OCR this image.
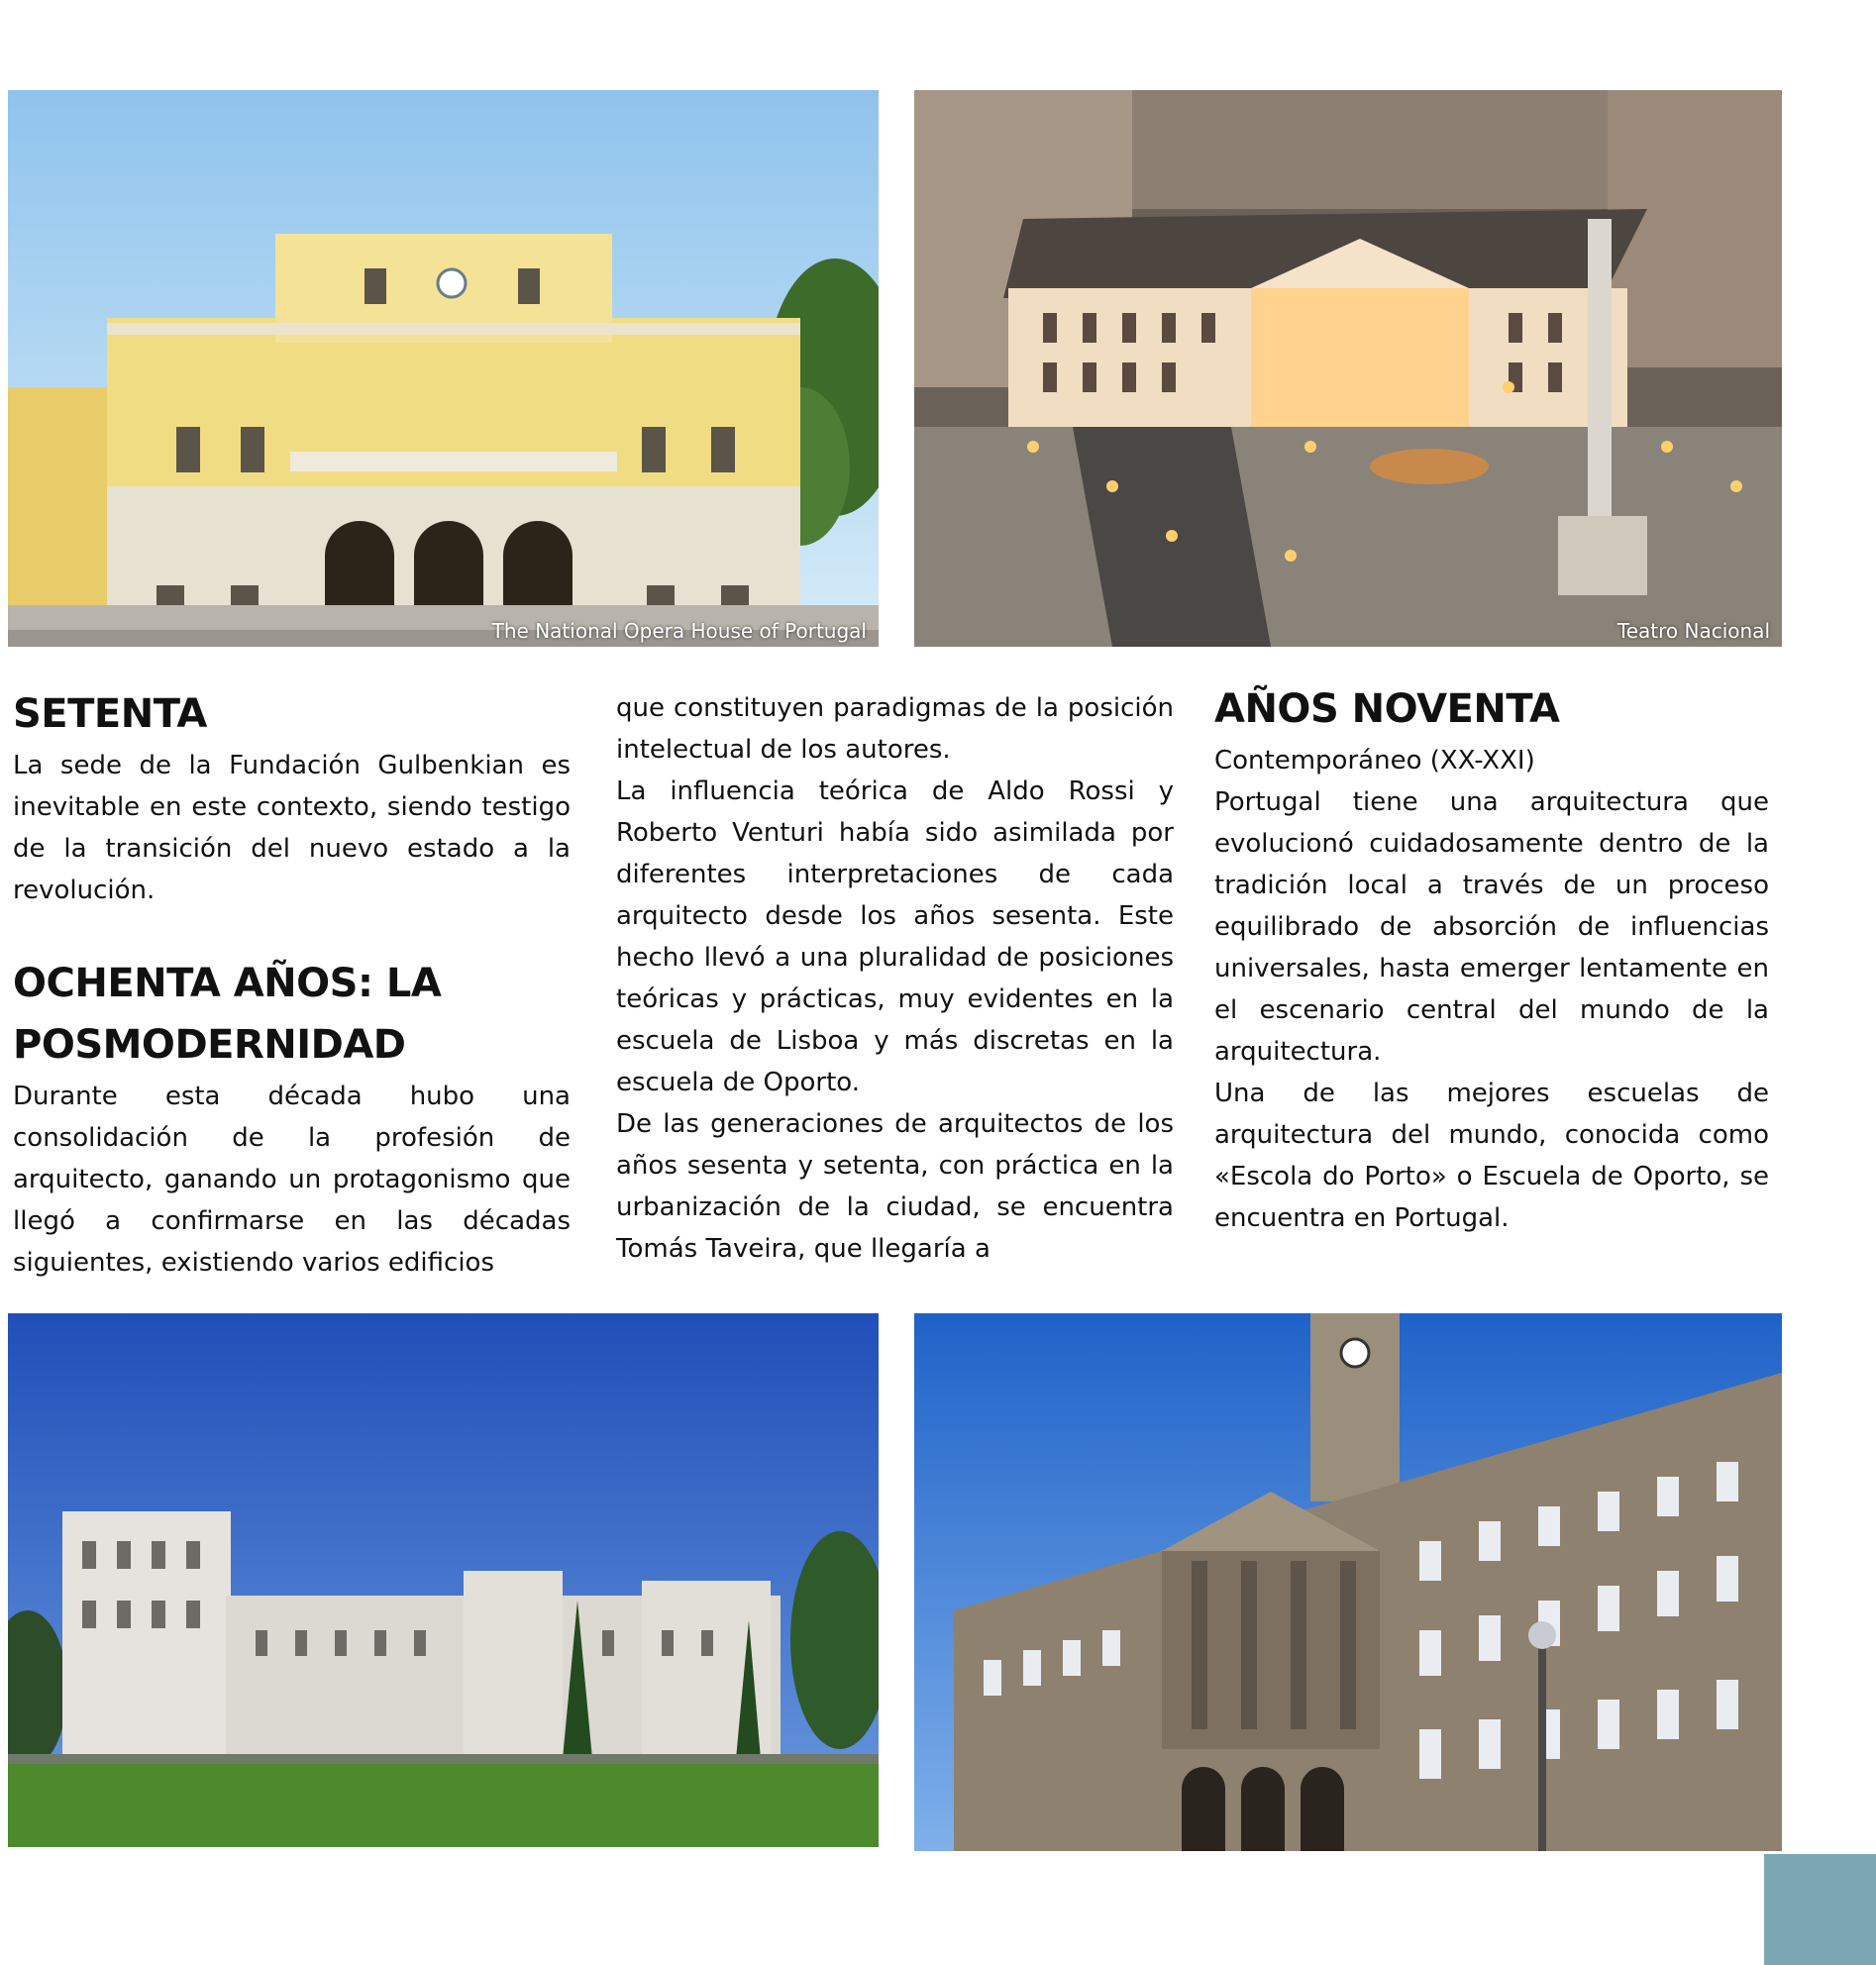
The National Opera House of Portugal	Teatro Nacional
SETENTA

La sede de la Fundación Gulbenkian es inevitable en este contexto, siendo testigo de la transición del nuevo estado a la revolución.

OCHENTA AÑOS: LA POSMODERNIDAD

Durante esta década hubo una consolidación de la profesión de arquitecto, ganando un protagonismo que llegó a confirmarse en las décadas siguientes, existiendo varios edificios

que constituyen paradigmas de la posición intelectual de los autores.

La influencia teórica de Aldo Rossi y Roberto Venturi había sido asimilada por diferentes interpretaciones de cada arquitecto desde los años sesenta. Este hecho llevó a una pluralidad de posiciones teóricas y prácticas, muy evidentes en la escuela de Lisboa y más discretas en la escuela de Oporto.

De las generaciones de arquitectos de los años sesenta y setenta, con práctica en la urbanización de la ciudad, se encuentra Tomás Taveira, que llegaría a

AÑOS NOVENTA

Contemporáneo (XX-XXI)

Portugal tiene una arquitectura que evolucionó cuidadosamente dentro de la tradición local a través de un proceso equilibrado de absorción de influencias universales, hasta emerger lentamente en el escenario central del mundo de la arquitectura.

Una de las mejores escuelas de arquitectura del mundo, conocida como «Escola do Porto» o Escuela de Oporto, se encuentra en Portugal.
